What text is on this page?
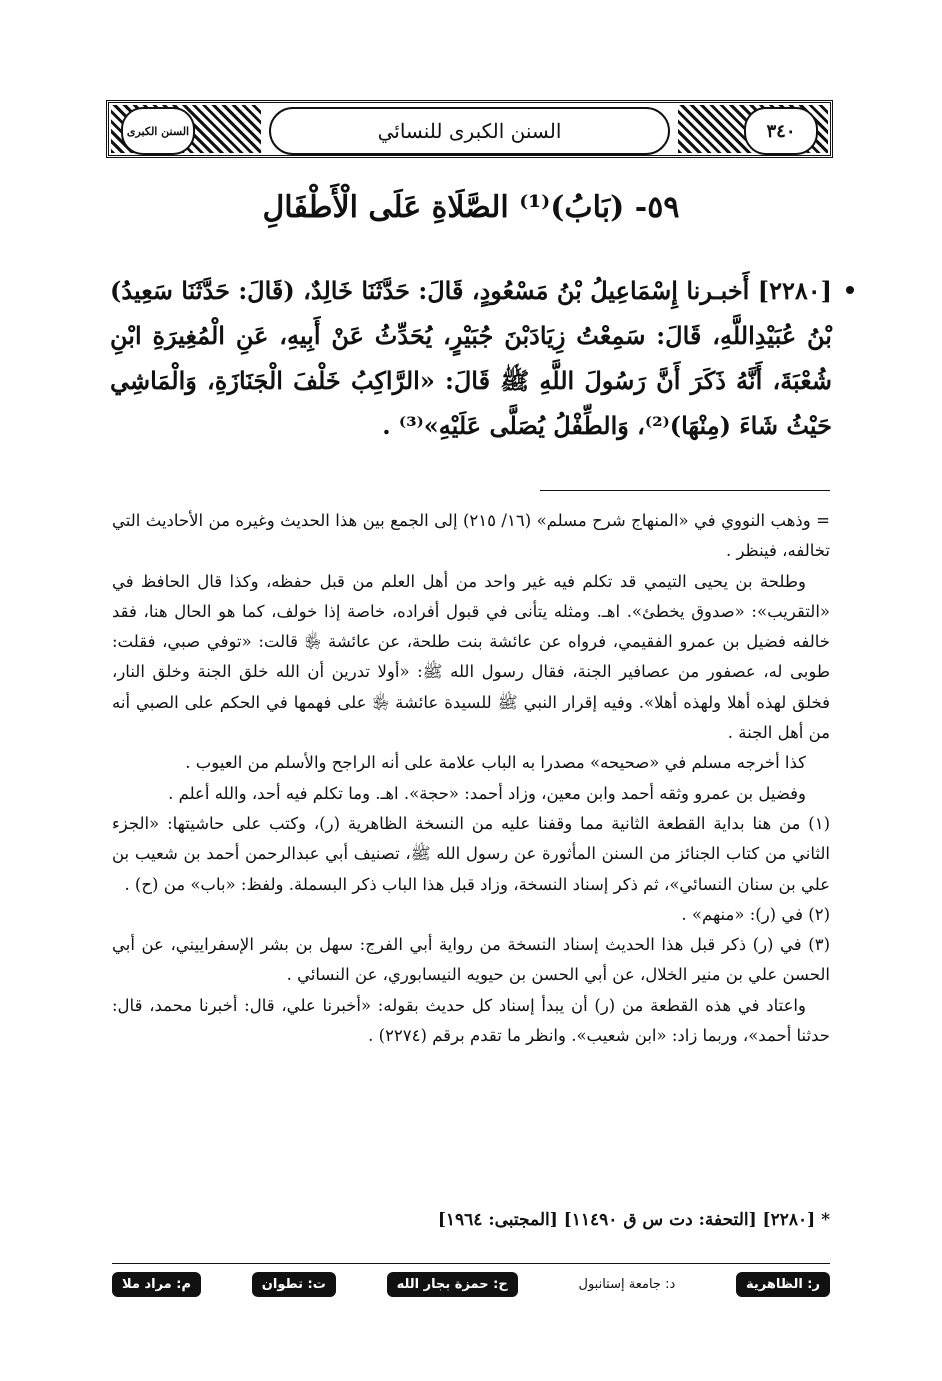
السنن الكبرى	٣٤٠
السنن الكبرى للنسائي
٥٩- (بَابُ)⁽¹⁾ الصَّلَاةِ عَلَى الْأَطْفَالِ
[٢٢٨٠] أَخبـرنا إِسْمَاعِيلُ بْنُ مَسْعُودٍ، قَالَ: حَدَّثَنَا خَالِدٌ، (قَالَ: حَدَّثَنَا سَعِيدُ) بْنُ عُبَيْدِاللَّهِ، قَالَ: سَمِعْتُ زِيَادَبْنَ جُبَيْرٍ، يُحَدِّثُ عَنْ أَبِيهِ، عَنِ الْمُغِيرَةِ ابْنِ شُعْبَةَ، أَنَّهُ ذَكَرَ أَنَّ رَسُولَ اللَّهِ ﷺ قَالَ: «الرَّاكِبُ خَلْفَ الْجَنَازَةِ، وَالْمَاشِي حَيْثُ شَاءَ (مِنْهَا)⁽²⁾، وَالطِّفْلُ يُصَلَّى عَلَيْهِ»⁽³⁾ .

= وذهب النووي في «المنهاج شرح مسلم» (١٦/ ٢١٥) إلى الجمع بين هذا الحديث وغيره من الأحاديث التي تخالفه، فينظر .

وطلحة بن يحيى التيمي قد تكلم فيه غير واحد من أهل العلم من قبل حفظه، وكذا قال الحافظ في «التقريب»: «صدوق يخطئ». اهـ. ومثله يتأنى في قبول أفراده، خاصة إذا خولف، كما هو الحال هنا، فقد خالفه فضيل بن عمرو الفقيمي، فرواه عن عائشة بنت طلحة، عن عائشة ﵂ قالت: «توفي صبي، فقلت: طوبى له، عصفور من عصافير الجنة، فقال رسول الله ﷺ: «أولا تدرين أن الله خلق الجنة وخلق النار، فخلق لهذه أهلا ولهذه أهلا». وفيه إقرار النبي ﷺ للسيدة عائشة ﵂ على فهمها في الحكم على الصبي أنه من أهل الجنة .

كذا أخرجه مسلم في «صحيحه» مصدرا به الباب علامة على أنه الراجح والأسلم من العيوب .

وفضيل بن عمرو وثقه أحمد وابن معين، وزاد أحمد: «حجة». اهـ. وما تكلم فيه أحد، والله أعلم .

(١) من هنا بداية القطعة الثانية مما وقفنا عليه من النسخة الظاهرية (ر)، وكتب على حاشيتها: «الجزء الثاني من كتاب الجنائز من السنن المأثورة عن رسول الله ﷺ، تصنيف أبي عبدالرحمن أحمد بن شعيب بن علي بن سنان النسائي»، ثم ذكر إسناد النسخة، وزاد قبل هذا الباب ذكر البسملة. ولفظ: «باب» من (ح) .

(٢) في (ر): «منهم» .

(٣) في (ر) ذكر قبل هذا الحديث إسناد النسخة من رواية أبي الفرج: سهل بن بشر الإسفراييني، عن أبي الحسن علي بن منير الخلال، عن أبي الحسن بن حيويه النيسابوري، عن النسائي .

واعتاد في هذه القطعة من (ر) أن يبدأ إسناد كل حديث بقوله: «أخبرنا علي، قال: أخبرنا محمد، قال: حدثنا أحمد»، وربما زاد: «ابن شعيب». وانظر ما تقدم برقم (٢٢٧٤) .

* [٢٢٨٠] [التحفة: دت س ق ١١٤٩٠] [المجتبى: ١٩٦٤]
م: مراد ملا	ت: تطوان	ح: حمزة بجار الله	د: جامعة إستانبول	ر: الظاهرية
